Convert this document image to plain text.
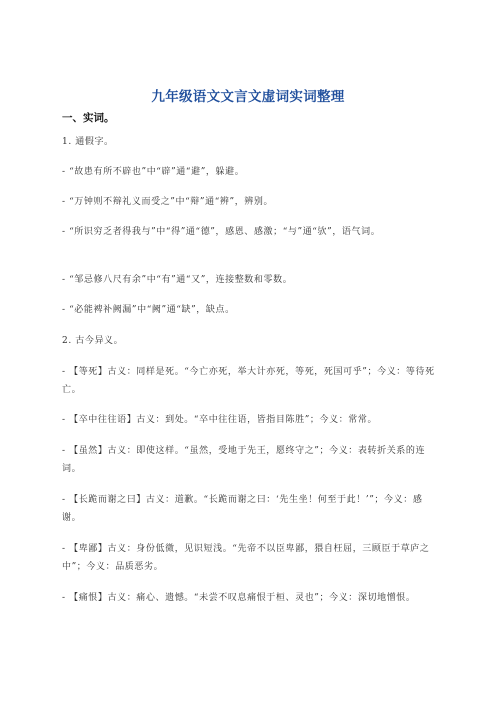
九年级语文文言文虚词实词整理
一、实词。
1. 通假字。
- “故患有所不辟也”中“辟”通“避”，躲避。
- “万钟则不辩礼义而受之”中“辩”通“辨”，辨别。
- “所识穷乏者得我与”中“得”通“德”，感恩、感激；“与”通“欤”，语气词。
- “邹忌修八尺有余”中“有”通“又”，连接整数和零数。
- “必能裨补阙漏”中“阙”通“缺”，缺点。
2. 古今异义。
- 【等死】古义：同样是死。“今亡亦死，举大计亦死，等死，死国可乎”；今义：等待死亡。
- 【卒中往往语】古义：到处。“卒中往往语，皆指目陈胜”；今义：常常。
- 【虽然】古义：即使这样。“虽然，受地于先王，愿终守之”；今义：表转折关系的连词。
- 【长跪而谢之曰】古义：道歉。“长跪而谢之曰：‘先生坐！何至于此！’”；今义：感谢。
- 【卑鄙】古义：身份低微，见识短浅。“先帝不以臣卑鄙，猥自枉屈，三顾臣于草庐之中”；今义：品质恶劣。
- 【痛恨】古义：痛心、遗憾。“未尝不叹息痛恨于桓、灵也”；今义：深切地憎恨。
